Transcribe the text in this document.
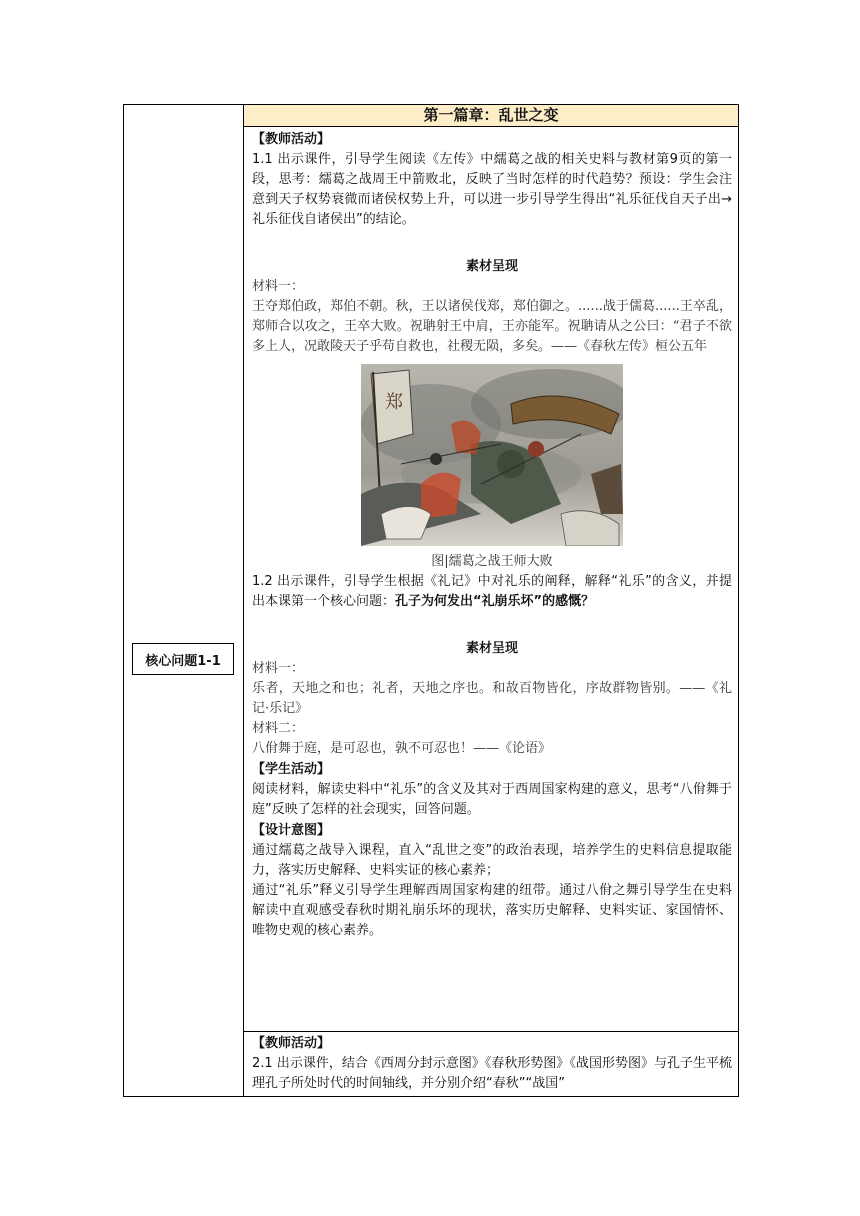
核心问题1-1
第一篇章：乱世之变
【教师活动】

1.1 出示课件，引导学生阅读《左传》中繻葛之战的相关史料与教材第9页的第一段，思考：繻葛之战周王中箭败北，反映了当时怎样的时代趋势？预设：学生会注意到天子权势衰微而诸侯权势上升，可以进一步引导学生得出“礼乐征伐自天子出→礼乐征伐自诸侯出”的结论。

素材呈现

材料一：

王夺郑伯政，郑伯不朝。秋，王以诸侯伐郑，郑伯御之。......战于儒葛......王卒乱，郑师合以攻之，王卒大败。祝聃射王中肩，王亦能军。祝聃请从之公曰：“君子不欲多上人，况敢陵天子乎苟自救也，社稷无陨，多矣。——《春秋左传》桓公五年

郑
图|繻葛之战王师大败

1.2 出示课件，引导学生根据《礼记》中对礼乐的阐释，解释“礼乐”的含义，并提出本课第一个核心问题：孔子为何发出“礼崩乐坏”的感慨？

素材呈现

材料一：

乐者，天地之和也；礼者，天地之序也。和故百物皆化，序故群物皆别。——《礼记·乐记》

材料二：

八佾舞于庭，是可忍也，孰不可忍也！——《论语》

【学生活动】

阅读材料，解读史料中“礼乐”的含义及其对于西周国家构建的意义，思考“八佾舞于庭”反映了怎样的社会现实，回答问题。

【设计意图】

通过繻葛之战导入课程，直入“乱世之变”的政治表现，培养学生的史料信息提取能力，落实历史解释、史料实证的核心素养；

通过“礼乐”释义引导学生理解西周国家构建的纽带。通过八佾之舞引导学生在史料解读中直观感受春秋时期礼崩乐坏的现状，落实历史解释、史料实证、家国情怀、唯物史观的核心素养。

【教师活动】

2.1 出示课件，结合《西周分封示意图》《春秋形势图》《战国形势图》与孔子生平梳理孔子所处时代的时间轴线，并分别介绍“春秋”“战国”
